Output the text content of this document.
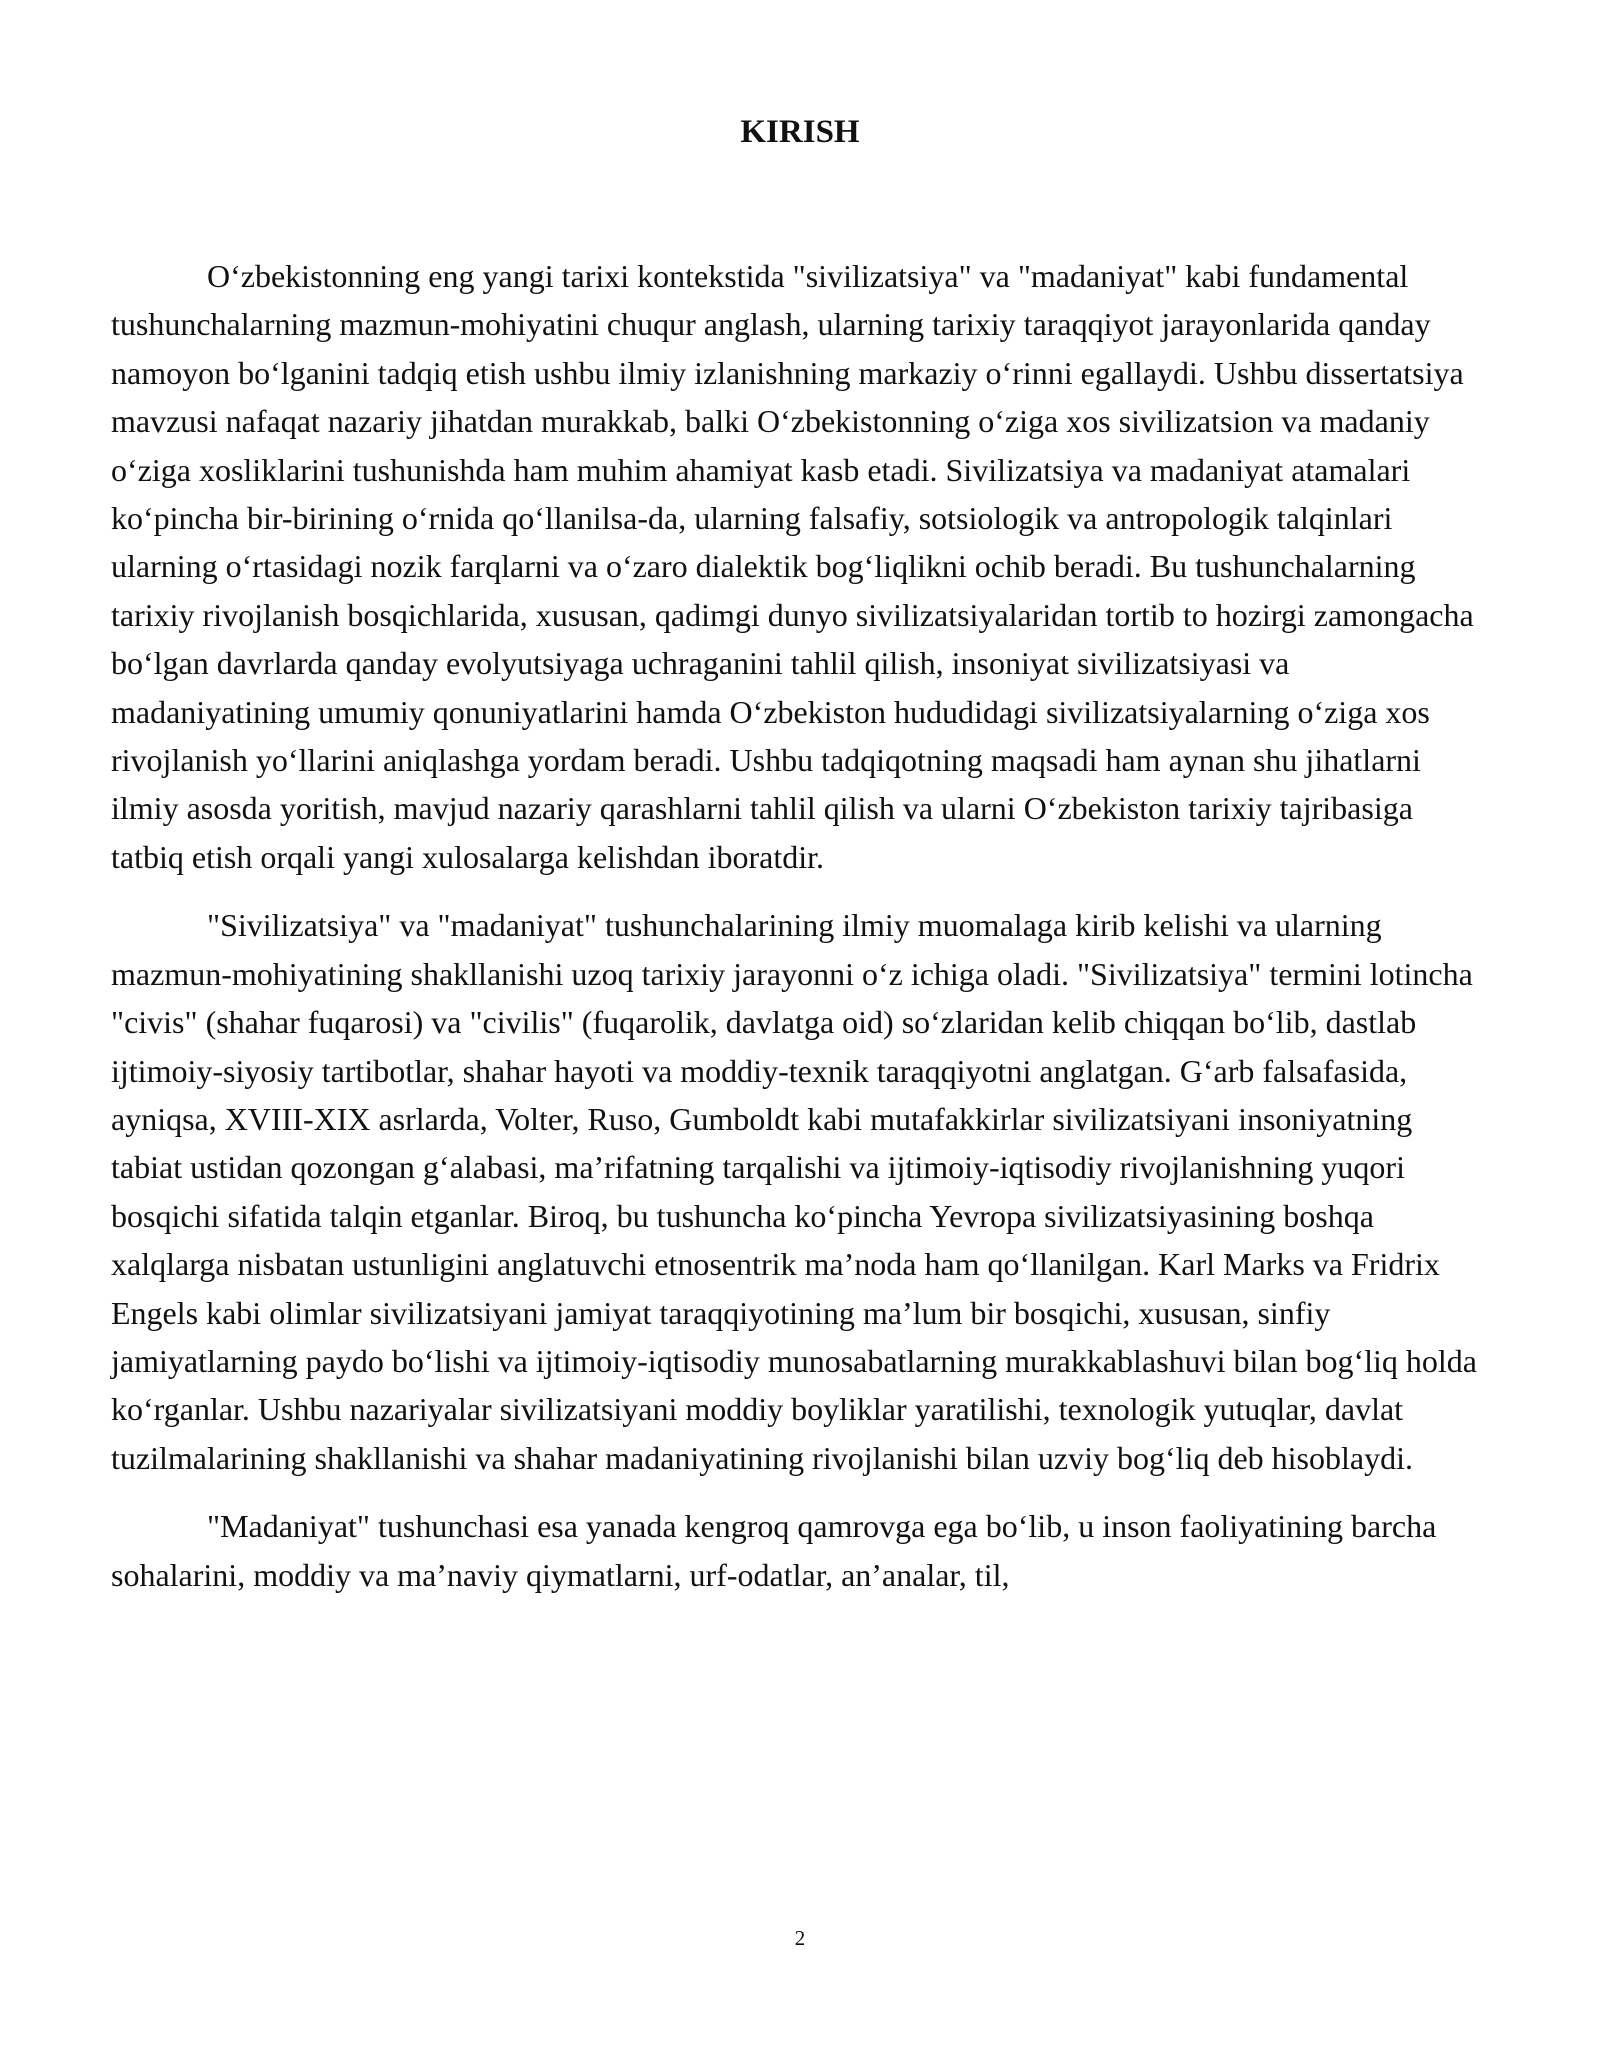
KIRISH

O‘zbekistonning eng yangi tarixi kontekstida "sivilizatsiya" va "madaniyat" kabi fundamental tushunchalarning mazmun-mohiyatini chuqur anglash, ularning tarixiy taraqqiyot jarayonlarida qanday namoyon bo‘lganini tadqiq etish ushbu ilmiy izlanishning markaziy o‘rinni egallaydi. Ushbu dissertatsiya mavzusi nafaqat nazariy jihatdan murakkab, balki O‘zbekistonning o‘ziga xos sivilizatsion va madaniy o‘ziga xosliklarini tushunishda ham muhim ahamiyat kasb etadi. Sivilizatsiya va madaniyat atamalari ko‘pincha bir-birining o‘rnida qo‘llanilsa-da, ularning falsafiy, sotsiologik va antropologik talqinlari ularning o‘rtasidagi nozik farqlarni va o‘zaro dialektik bog‘liqlikni ochib beradi. Bu tushunchalarning tarixiy rivojlanish bosqichlarida, xususan, qadimgi dunyo sivilizatsiyalaridan tortib to hozirgi zamongacha bo‘lgan davrlarda qanday evolyutsiyaga uchraganini tahlil qilish, insoniyat sivilizatsiyasi va madaniyatining umumiy qonuniyatlarini hamda O‘zbekiston hududidagi sivilizatsiyalarning o‘ziga xos rivojlanish yo‘llarini aniqlashga yordam beradi. Ushbu tadqiqotning maqsadi ham aynan shu jihatlarni ilmiy asosda yoritish, mavjud nazariy qarashlarni tahlil qilish va ularni O‘zbekiston tarixiy tajribasiga tatbiq etish orqali yangi xulosalarga kelishdan iboratdir.

"Sivilizatsiya" va "madaniyat" tushunchalarining ilmiy muomalaga kirib kelishi va ularning mazmun-mohiyatining shakllanishi uzoq tarixiy jarayonni o‘z ichiga oladi. "Sivilizatsiya" termini lotincha "civis" (shahar fuqarosi) va "civilis" (fuqarolik, davlatga oid) so‘zlaridan kelib chiqqan bo‘lib, dastlab ijtimoiy-siyosiy tartibotlar, shahar hayoti va moddiy-texnik taraqqiyotni anglatgan. G‘arb falsafasida, ayniqsa, XVIII-XIX asrlarda, Volter, Ruso, Gumboldt kabi mutafakkirlar sivilizatsiyani insoniyatning tabiat ustidan qozongan g‘alabasi, ma’rifatning tarqalishi va ijtimoiy-iqtisodiy rivojlanishning yuqori bosqichi sifatida talqin etganlar. Biroq, bu tushuncha ko‘pincha Yevropa sivilizatsiyasining boshqa xalqlarga nisbatan ustunligini anglatuvchi etnosentrik ma’noda ham qo‘llanilgan. Karl Marks va Fridrix Engels kabi olimlar sivilizatsiyani jamiyat taraqqiyotining ma’lum bir bosqichi, xususan, sinfiy jamiyatlarning paydo bo‘lishi va ijtimoiy-iqtisodiy munosabatlarning murakkablashuvi bilan bog‘liq holda ko‘rganlar. Ushbu nazariyalar sivilizatsiyani moddiy boyliklar yaratilishi, texnologik yutuqlar, davlat tuzilmalarining shakllanishi va shahar madaniyatining rivojlanishi bilan uzviy bog‘liq deb hisoblaydi.

"Madaniyat" tushunchasi esa yanada kengroq qamrovga ega bo‘lib, u inson faoliyatining barcha sohalarini, moddiy va ma’naviy qiymatlarni, urf-odatlar, an’analar, til,

2
